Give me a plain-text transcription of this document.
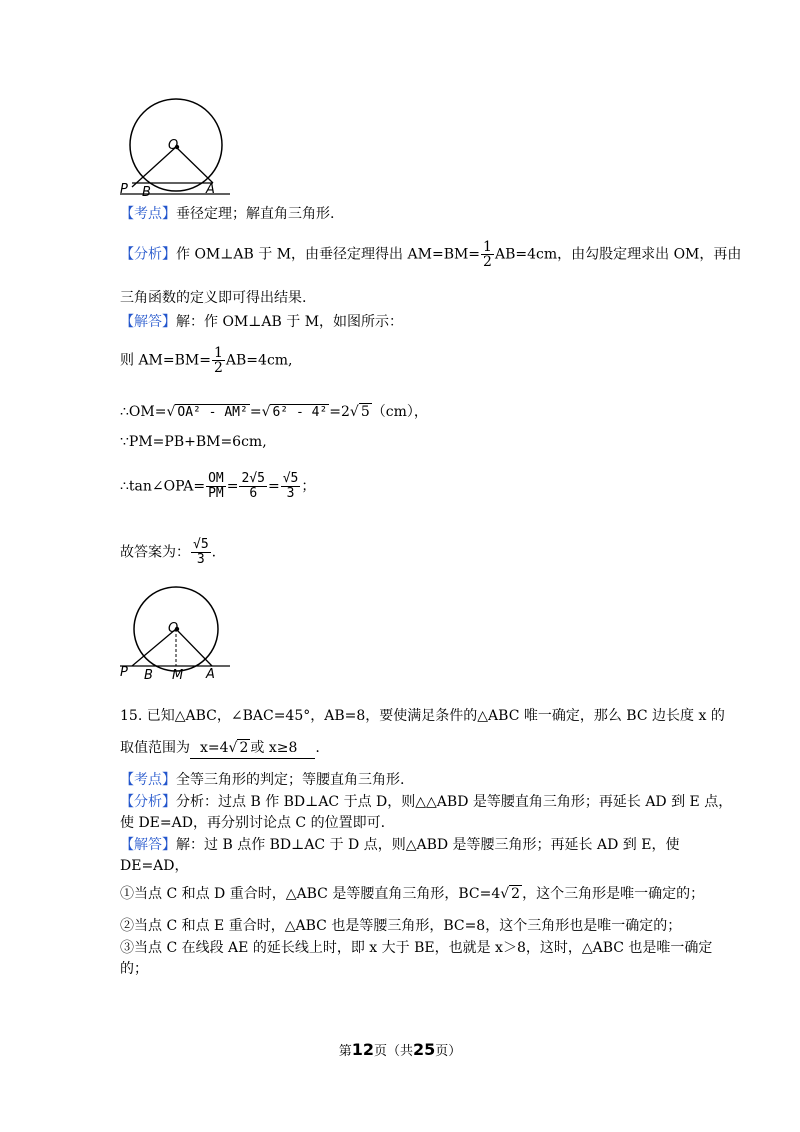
O
P B	A
【考点】垂径定理；解直角三角形.
【分析】作 OM⊥AB 于 M，由垂径定理得出 $AM=BM= \frac{1}{2} AB=4cm$，由勾股定理求出 OM，再由
三角函数的定义即可得出结果.
【解答】解：作 OM⊥AB 于 M，如图所示：
则 $AM=BM= \frac{1}{2} AB=4cm$,
∴OM=√ OA² - AM² =√ 6² - 4² =2√ 5 （cm），
∵PM=PB+BM=6cm,
∴tan∠OPA= $\frac{OM}{PM} = \frac{2√5}{6} = \frac{√5}{3}$ ；
故答案为： $\frac{√5}{3}$ .
O
P B M A
15. 已知△ABC，∠BAC=45°，AB=8，要使满足条件的△ABC 唯一确定，那么 BC 边长度 x 的
取值范围为 x=4√ 2 或 x≥8 .
【考点】全等三角形的判定；等腰直角三角形.
【分析】分析：过点 B 作 BD⊥AC 于点 D，则△△ABD 是等腰直角三角形；再延长 AD 到 E 点，
使 DE=AD，再分别讨论点 C 的位置即可.
【解答】解：过 B 点作 BD⊥AC 于 D 点，则△ABD 是等腰三角形；再延长 AD 到 E，使
DE=AD，
①当点 C 和点 D 重合时，△ABC 是等腰直角三角形，BC=4√ 2 ，这个三角形是唯一确定的；
②当点 C 和点 E 重合时，△ABC 也是等腰三角形，BC=8，这个三角形也是唯一确定的；
③当点 C 在线段 AE 的延长线上时，即 x 大于 BE，也就是 x＞8，这时，△ABC 也是唯一确定
的；
第12页（共25页）
